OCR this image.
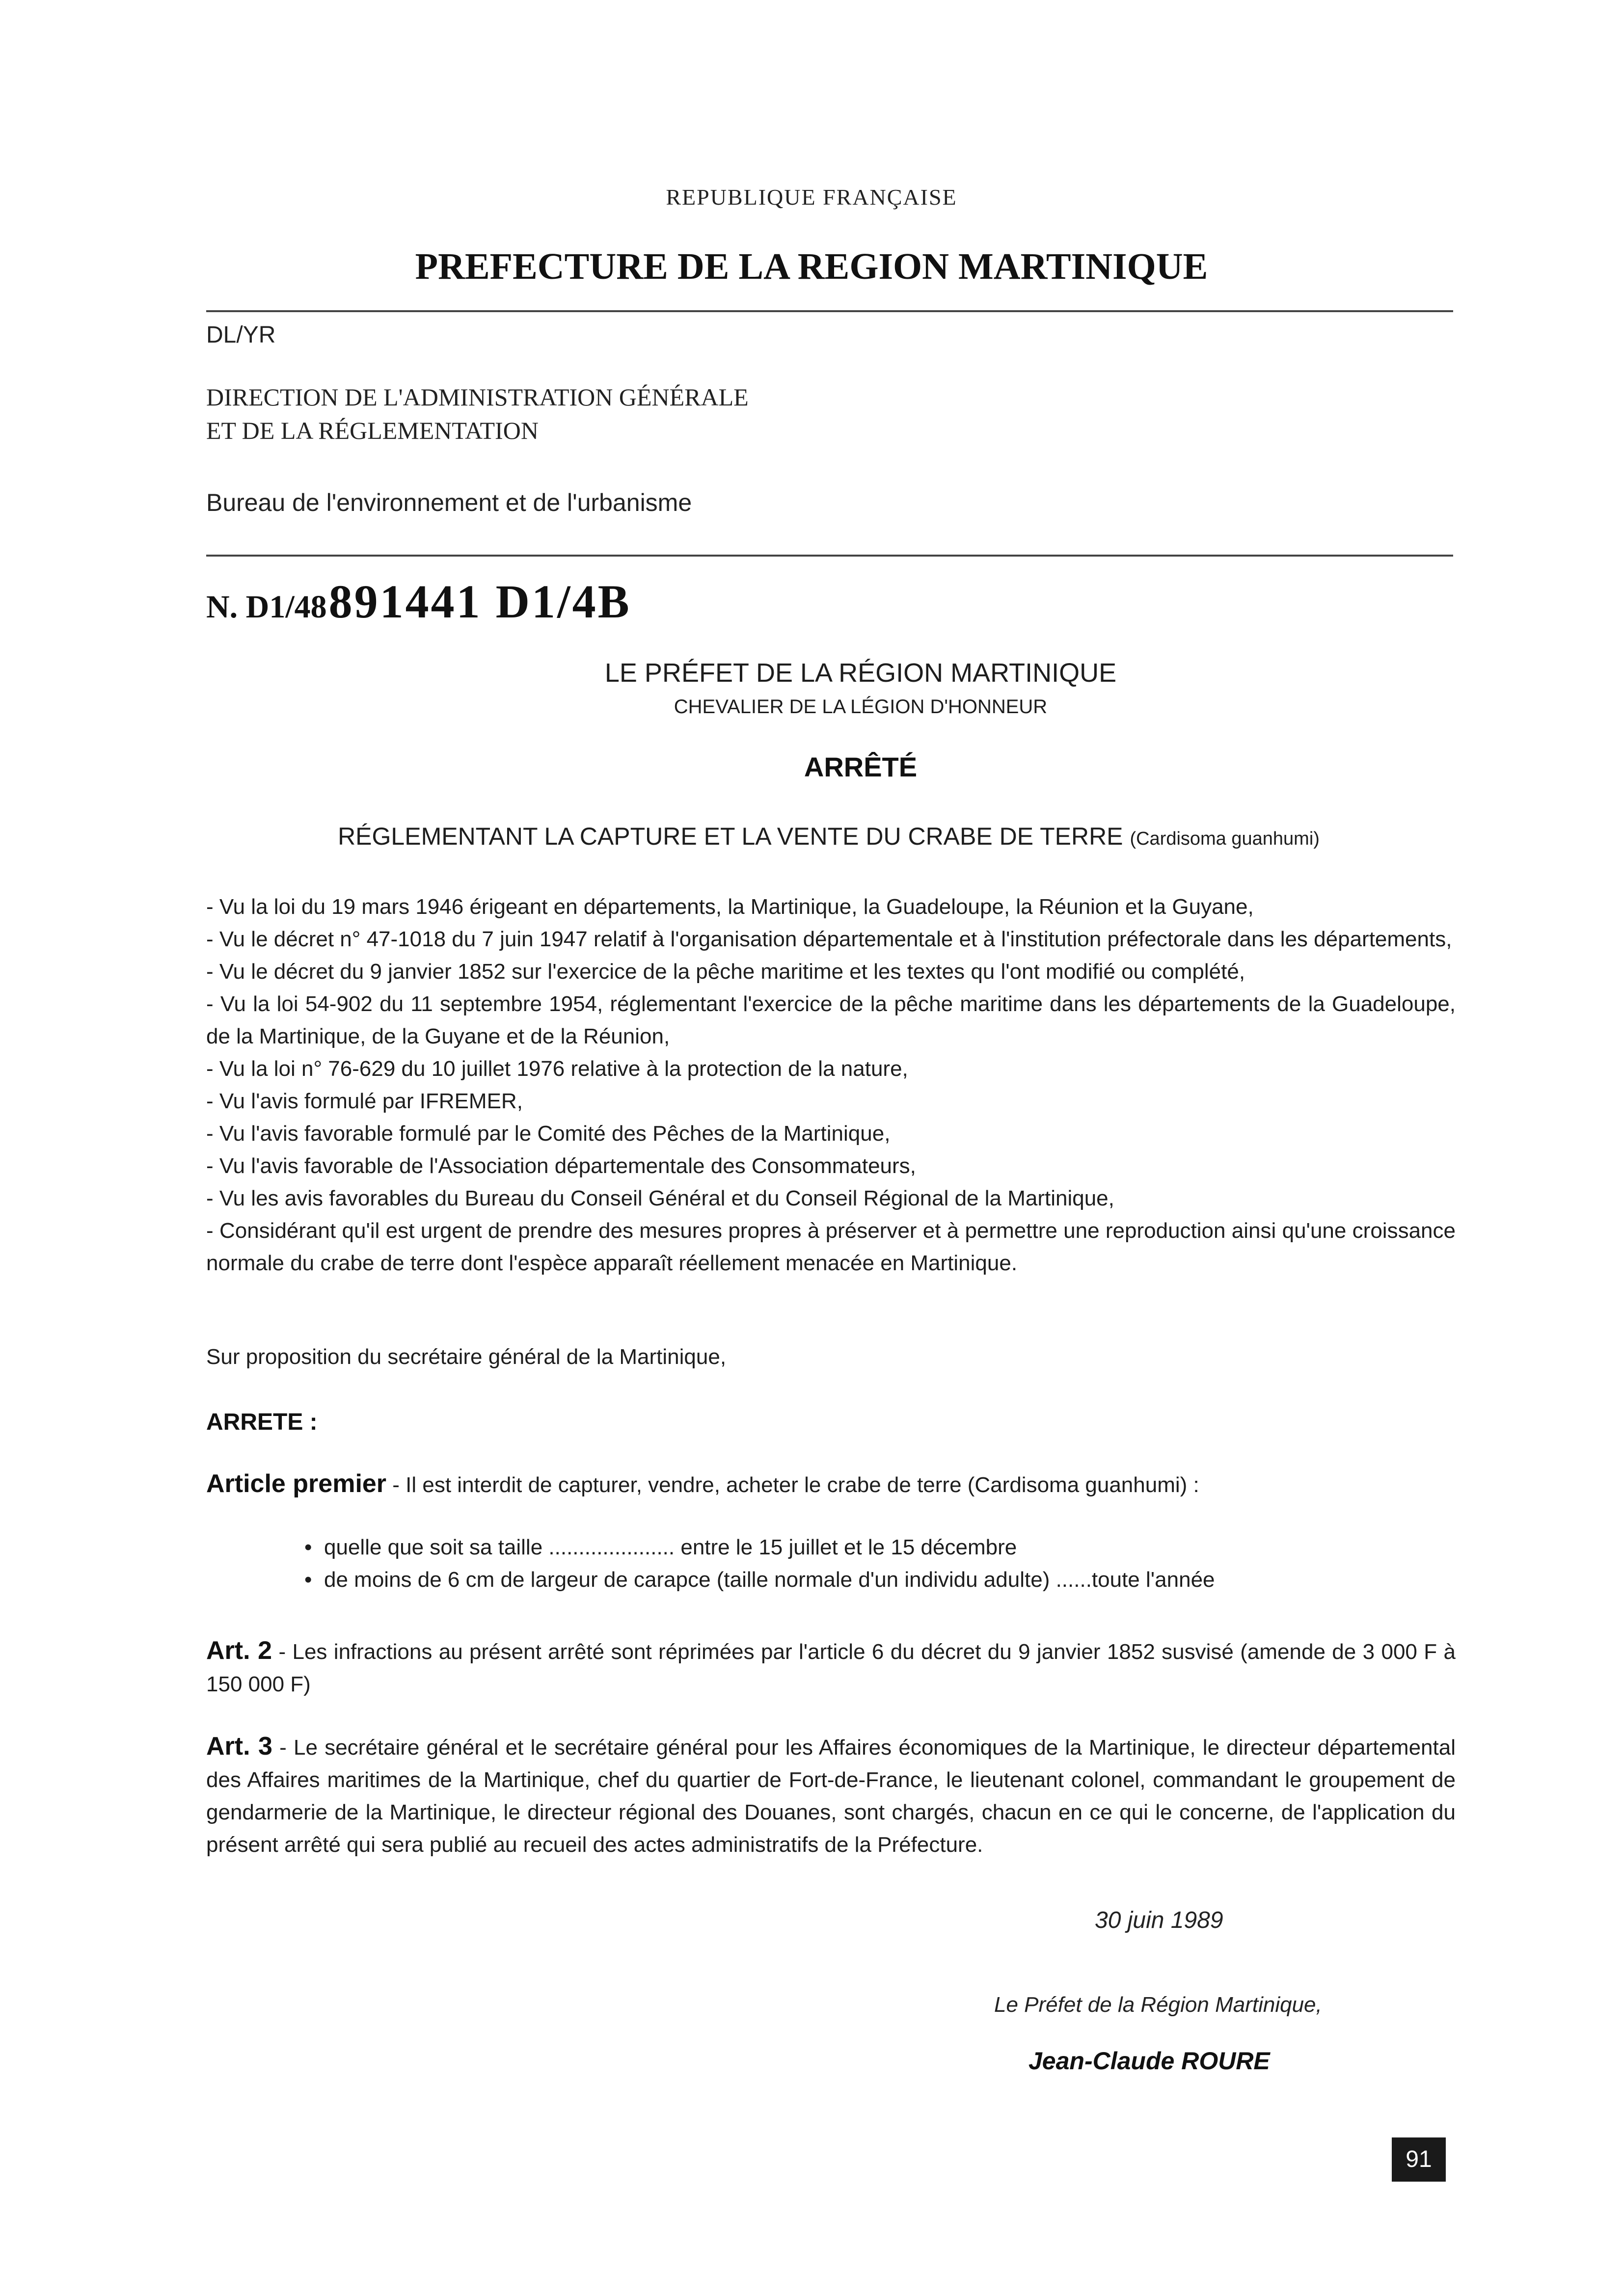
REPUBLIQUE FRANÇAISE
PREFECTURE DE LA REGION MARTINIQUE
DL/YR
DIRECTION DE L'ADMINISTRATION GÉNÉRALE
ET DE LA RÉGLEMENTATION
Bureau de l'environnement et de l'urbanisme
N. D1/48 891441 D1/4B
LE PRÉFET DE LA RÉGION MARTINIQUE
CHEVALIER DE LA LÉGION D'HONNEUR
ARRÊTÉ
RÉGLEMENTANT LA CAPTURE ET LA VENTE DU CRABE DE TERRE (Cardisoma guanhumi)

- Vu la loi du 19 mars 1946 érigeant en départements, la Martinique, la Guadeloupe, la Réunion et la Guyane,

- Vu le décret n° 47-1018 du 7 juin 1947 relatif à l'organisation départementale et à l'institution préfectorale dans les départements,

- Vu le décret du 9 janvier 1852 sur l'exercice de la pêche maritime et les textes qu l'ont modifié ou complété,

- Vu la loi 54-902 du 11 septembre 1954, réglementant l'exercice de la pêche maritime dans les départements de la Guadeloupe, de la Martinique, de la Guyane et de la Réunion,

- Vu la loi n° 76-629 du 10 juillet 1976 relative à la protection de la nature,

- Vu l'avis formulé par IFREMER,

- Vu l'avis favorable formulé par le Comité des Pêches de la Martinique,

- Vu l'avis favorable de l'Association départementale des Consommateurs,

- Vu les avis favorables du Bureau du Conseil Général et du Conseil Régional de la Martinique,

- Considérant qu'il est urgent de prendre des mesures propres à préserver et à permettre une reproduction ainsi qu'une croissance normale du crabe de terre dont l'espèce apparaît réellement menacée en Martinique.

Sur proposition du secrétaire général de la Martinique,
ARRETE :
Article premier - Il est interdit de capturer, vendre, acheter le crabe de terre (Cardisoma guanhumi) :
• quelle que soit sa taille ..................... entre le 15 juillet et le 15 décembre
• de moins de 6 cm de largeur de carapce (taille normale d'un individu adulte) ......toute l'année
Art. 2 - Les infractions au présent arrêté sont réprimées par l'article 6 du décret du 9 janvier 1852 susvisé (amende de 3 000 F à 150 000 F)
Art. 3 - Le secrétaire général et le secrétaire général pour les Affaires économiques de la Martinique, le directeur départemental des Affaires maritimes de la Martinique, chef du quartier de Fort-de-France, le lieutenant colonel, commandant le groupement de gendarmerie de la Martinique, le directeur régional des Douanes, sont chargés, chacun en ce qui le concerne, de l'application du présent arrêté qui sera publié au recueil des actes administratifs de la Préfecture.
30 juin 1989
Le Préfet de la Région Martinique,
Jean-Claude ROURE
91
